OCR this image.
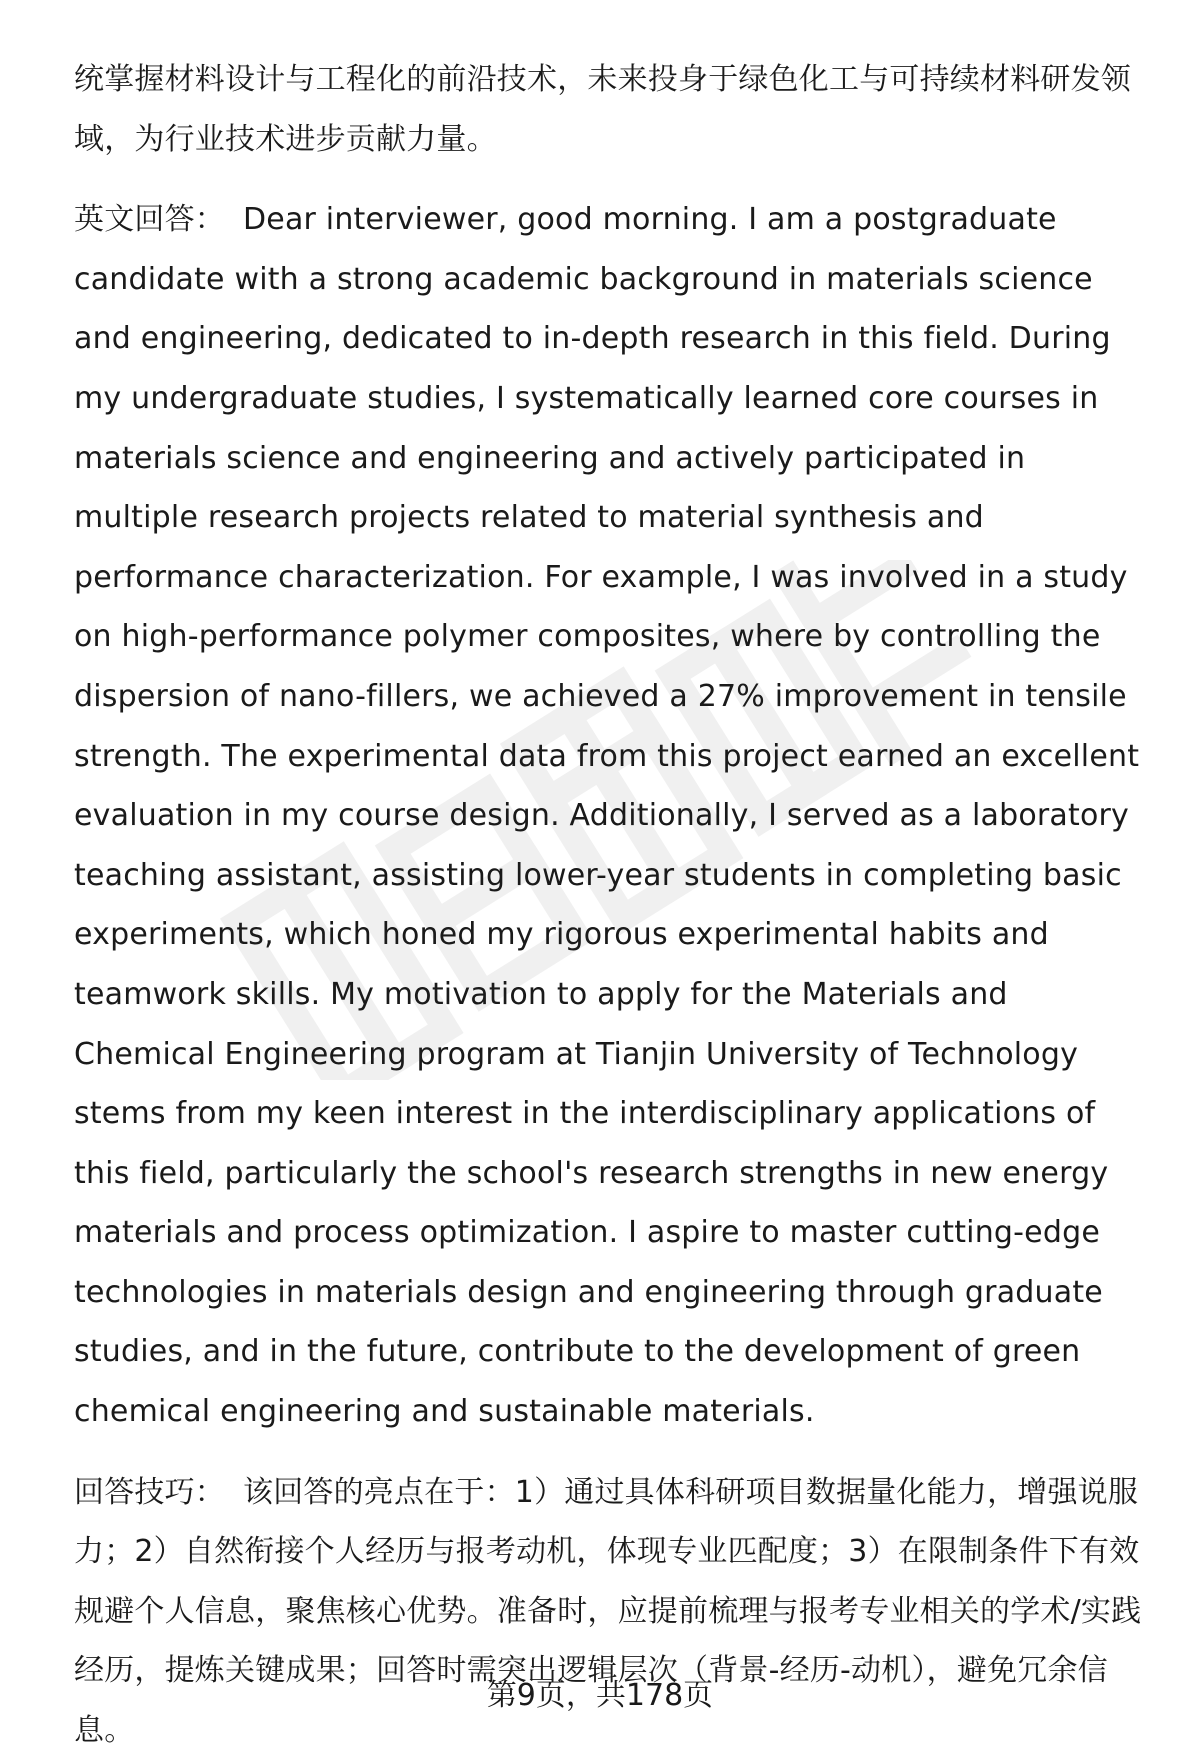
统掌握材料设计与工程化的前沿技术，未来投身于绿色化工与可持续材料研发领域，为行业技术进步贡献力量。

英文回答： Dear interviewer, good morning. I am a postgraduate candidate with a strong academic background in materials science and engineering, dedicated to in-depth research in this field. During my undergraduate studies, I systematically learned core courses in materials science and engineering and actively participated in multiple research projects related to material synthesis and performance characterization. For example, I was involved in a study on high-performance polymer composites, where by controlling the dispersion of nano-fillers, we achieved a 27% improvement in tensile strength. The experimental data from this project earned an excellent evaluation in my course design. Additionally, I served as a laboratory teaching assistant, assisting lower-year students in completing basic experiments, which honed my rigorous experimental habits and teamwork skills. My motivation to apply for the Materials and Chemical Engineering program at Tianjin University of Technology stems from my keen interest in the interdisciplinary applications of this field, particularly the school's research strengths in new energy materials and process optimization. I aspire to master cutting-edge technologies in materials design and engineering through graduate studies, and in the future, contribute to the development of green chemical engineering and sustainable materials.

回答技巧： 该回答的亮点在于：1）通过具体科研项目数据量化能力，增强说服力；2）自然衔接个人经历与报考动机，体现专业匹配度；3）在限制条件下有效规避个人信息，聚焦核心优势。准备时，应提前梳理与报考专业相关的学术/实践经历，提炼关键成果；回答时需突出逻辑层次（背景-经历-动机），避免冗余信息。

第9页，共178页
